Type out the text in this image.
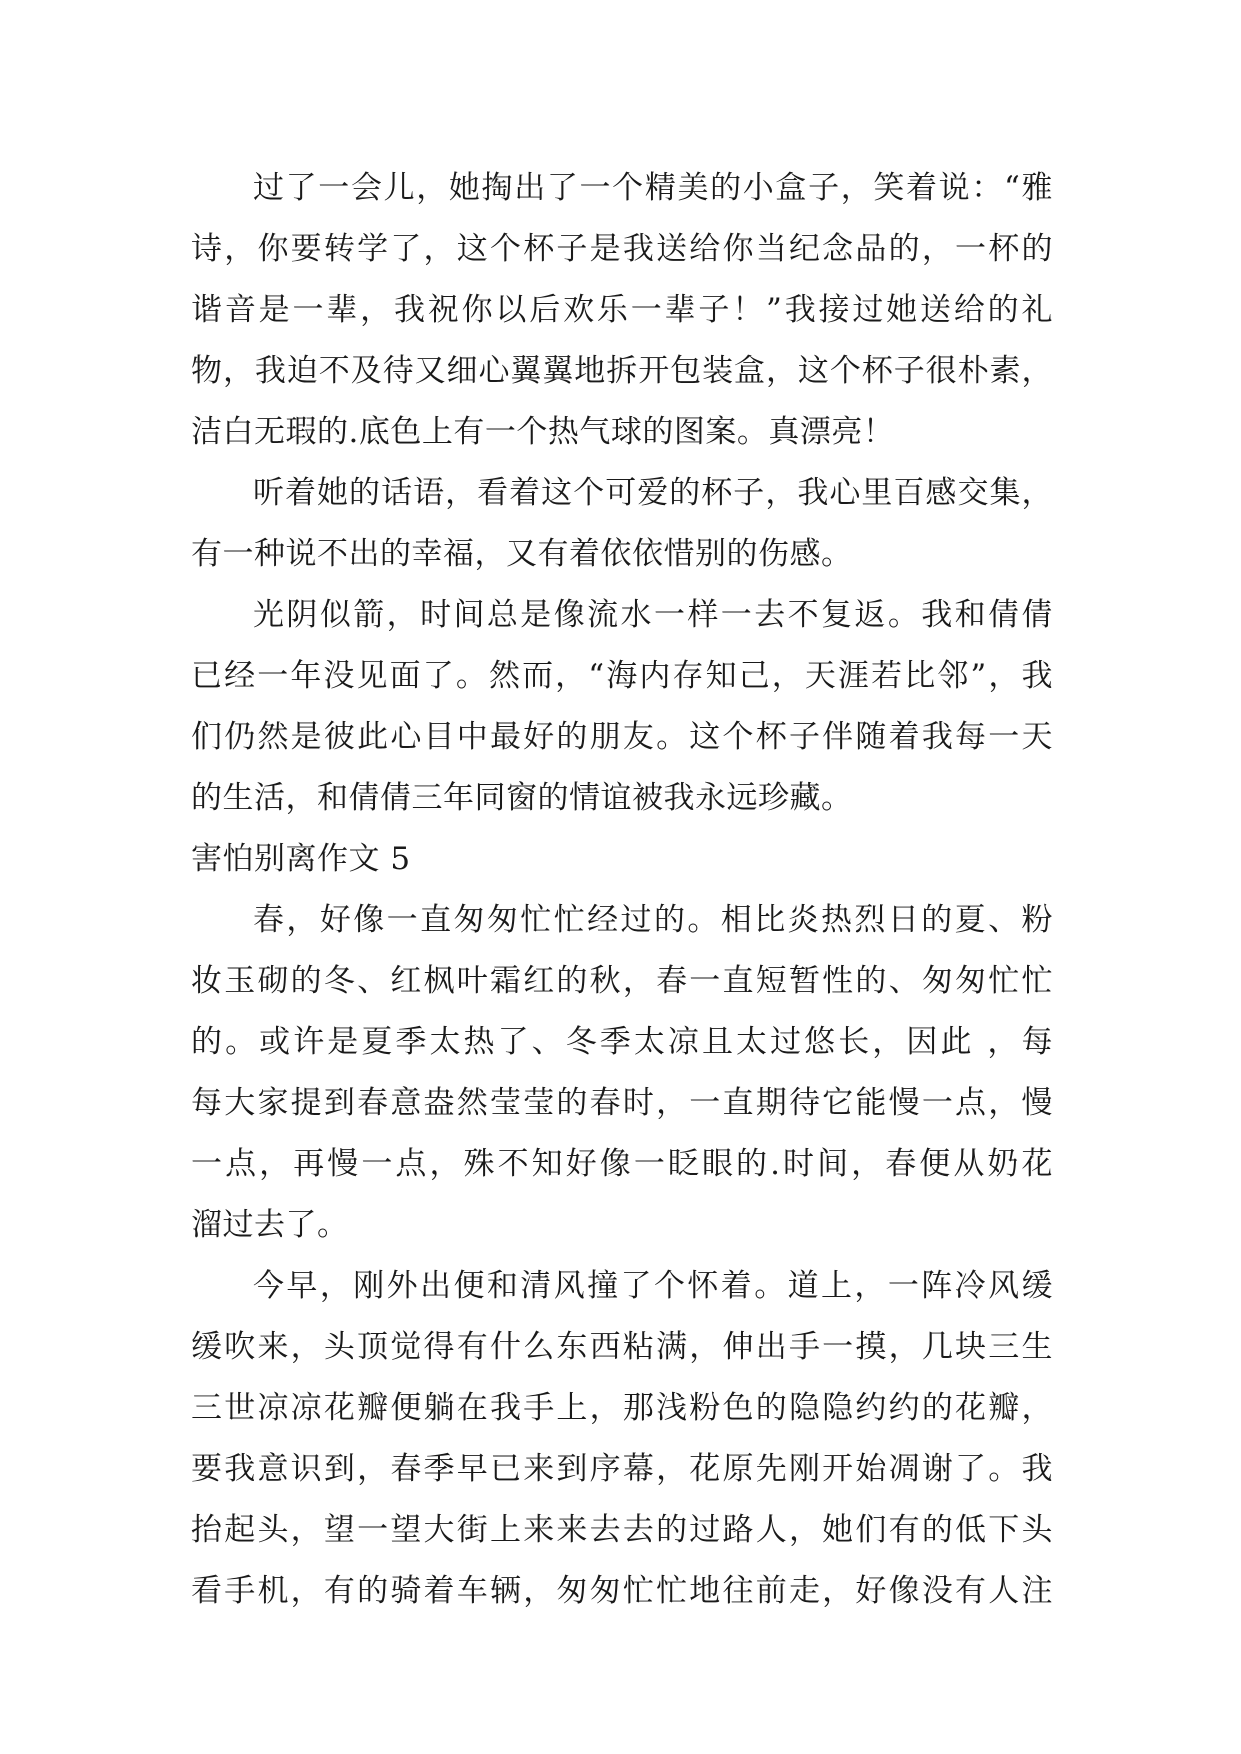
过了一会儿，她掏出了一个精美的小盒子，笑着说：“雅
诗，你要转学了，这个杯子是我送给你当纪念品的，一杯的
谐音是一辈，我祝你以后欢乐一辈子！”我接过她送给的礼
物，我迫不及待又细心翼翼地拆开包装盒，这个杯子很朴素，
洁白无瑕的.底色上有一个热气球的图案。真漂亮！
听着她的话语，看着这个可爱的杯子，我心里百感交集，
有一种说不出的幸福，又有着依依惜别的伤感。
光阴似箭，时间总是像流水一样一去不复返。我和倩倩
已经一年没见面了。然而，“海内存知己，天涯若比邻”，我
们仍然是彼此心目中最好的朋友。这个杯子伴随着我每一天
的生活，和倩倩三年同窗的情谊被我永远珍藏。
害怕别离作文 5
春，好像一直匆匆忙忙经过的。相比炎热烈日的夏、粉
妆玉砌的冬、红枫叶霜红的秋，春一直短暂性的、匆匆忙忙
的。或许是夏季太热了、冬季太凉且太过悠长，因此 ，每
每大家提到春意盎然莹莹的春时，一直期待它能慢一点，慢
一点，再慢一点，殊不知好像一眨眼的.时间，春便从奶花
溜过去了。
今早，刚外出便和清风撞了个怀着。道上，一阵冷风缓
缓吹来，头顶觉得有什么东西粘满，伸出手一摸，几块三生
三世凉凉花瓣便躺在我手上，那浅粉色的隐隐约约的花瓣，
要我意识到，春季早已来到序幕，花原先刚开始凋谢了。我
抬起头，望一望大街上来来去去的过路人，她们有的低下头
看手机，有的骑着车辆，匆匆忙忙地往前走，好像没有人注
